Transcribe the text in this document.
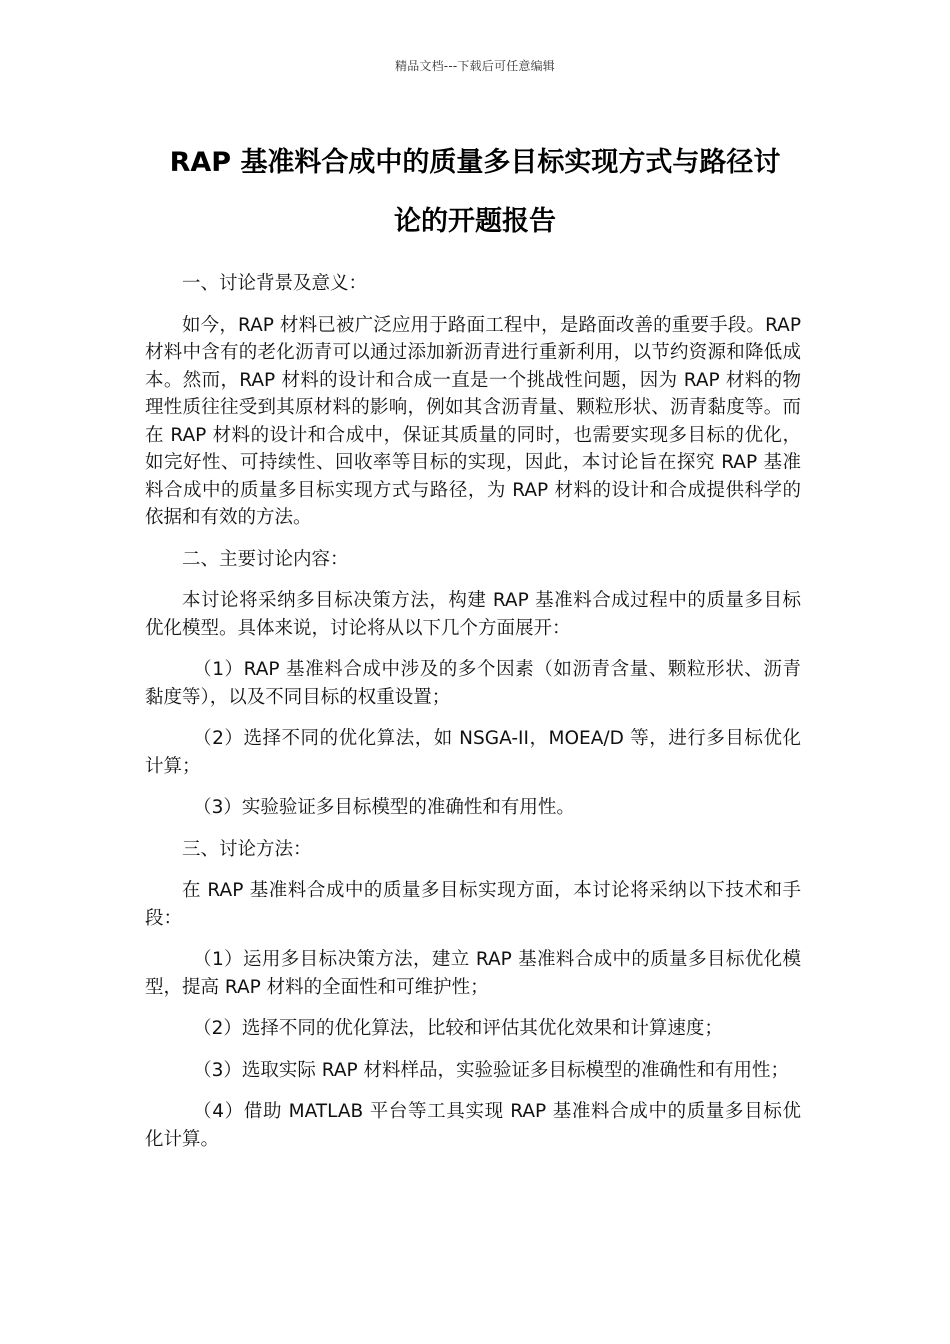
精品文档---下载后可任意编辑
RAP 基准料合成中的质量多目标实现方式与路径讨
论的开题报告

一、讨论背景及意义：

如今，RAP 材料已被广泛应用于路面工程中，是路面改善的重要手段。RAP 材料中含有的老化沥青可以通过添加新沥青进行重新利用，以节约资源和降低成本。然而，RAP 材料的设计和合成一直是一个挑战性问题，因为 RAP 材料的物理性质往往受到其原材料的影响，例如其含沥青量、颗粒形状、沥青黏度等。而在 RAP 材料的设计和合成中，保证其质量的同时，也需要实现多目标的优化，如完好性、可持续性、回收率等目标的实现，因此，本讨论旨在探究 RAP 基准料合成中的质量多目标实现方式与路径，为 RAP 材料的设计和合成提供科学的依据和有效的方法。

二、主要讨论内容：

本讨论将采纳多目标决策方法，构建 RAP 基准料合成过程中的质量多目标优化模型。具体来说，讨论将从以下几个方面展开：

（1）RAP 基准料合成中涉及的多个因素（如沥青含量、颗粒形状、沥青黏度等），以及不同目标的权重设置；

（2）选择不同的优化算法，如 NSGA-II，MOEA/D 等，进行多目标优化计算；

（3）实验验证多目标模型的准确性和有用性。

三、讨论方法：

在 RAP 基准料合成中的质量多目标实现方面，本讨论将采纳以下技术和手段：

（1）运用多目标决策方法，建立 RAP 基准料合成中的质量多目标优化模型，提高 RAP 材料的全面性和可维护性；

（2）选择不同的优化算法，比较和评估其优化效果和计算速度；

（3）选取实际 RAP 材料样品，实验验证多目标模型的准确性和有用性；

（4）借助 MATLAB 平台等工具实现 RAP 基准料合成中的质量多目标优化计算。
